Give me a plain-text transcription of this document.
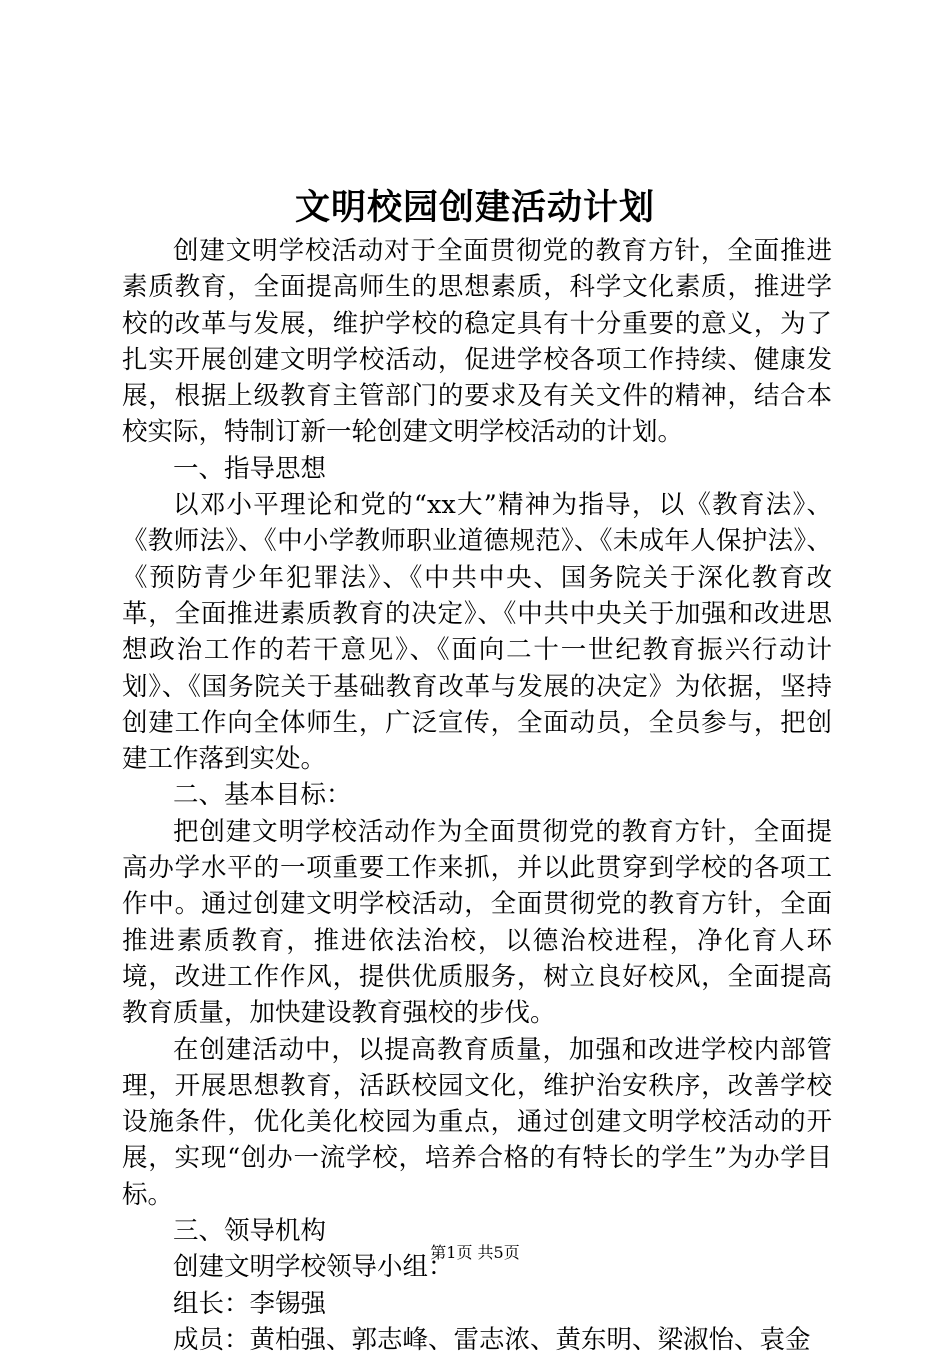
文明校园创建活动计划

创建文明学校活动对于全面贯彻党的教育方针，全面推进素质教育，全面提高师生的思想素质，科学文化素质，推进学校的改革与发展，维护学校的稳定具有十分重要的意义，为了扎实开展创建文明学校活动，促进学校各项工作持续、健康发展，根据上级教育主管部门的要求及有关文件的精神，结合本校实际，特制订新一轮创建文明学校活动的计划。

一、指导思想

以邓小平理论和党的“xx大”精神为指导，以《教育法》、《教师法》、《中小学教师职业道德规范》、《未成年人保护法》、《预防青少年犯罪法》、《中共中央、国务院关于深化教育改革，全面推进素质教育的决定》、《中共中央关于加强和改进思想政治工作的若干意见》、《面向二十一世纪教育振兴行动计划》、《国务院关于基础教育改革与发展的决定》为依据，坚持创建工作向全体师生，广泛宣传，全面动员，全员参与，把创建工作落到实处。

二、基本目标：

把创建文明学校活动作为全面贯彻党的教育方针，全面提高办学水平的一项重要工作来抓，并以此贯穿到学校的各项工作中。通过创建文明学校活动，全面贯彻党的教育方针，全面推进素质教育，推进依法治校，以德治校进程，净化育人环境，改进工作作风，提供优质服务，树立良好校风，全面提高教育质量，加快建设教育强校的步伐。

在创建活动中，以提高教育质量，加强和改进学校内部管理，开展思想教育，活跃校园文化，维护治安秩序，改善学校设施条件，优化美化校园为重点，通过创建文明学校活动的开展，实现“创办一流学校，培养合格的有特长的学生”为办学目标。

三、领导机构

创建文明学校领导小组：

组长：李锡强

成员：黄柏强、郭志峰、雷志浓、黄东明、梁淑怡、袁金

第1页 共5页
